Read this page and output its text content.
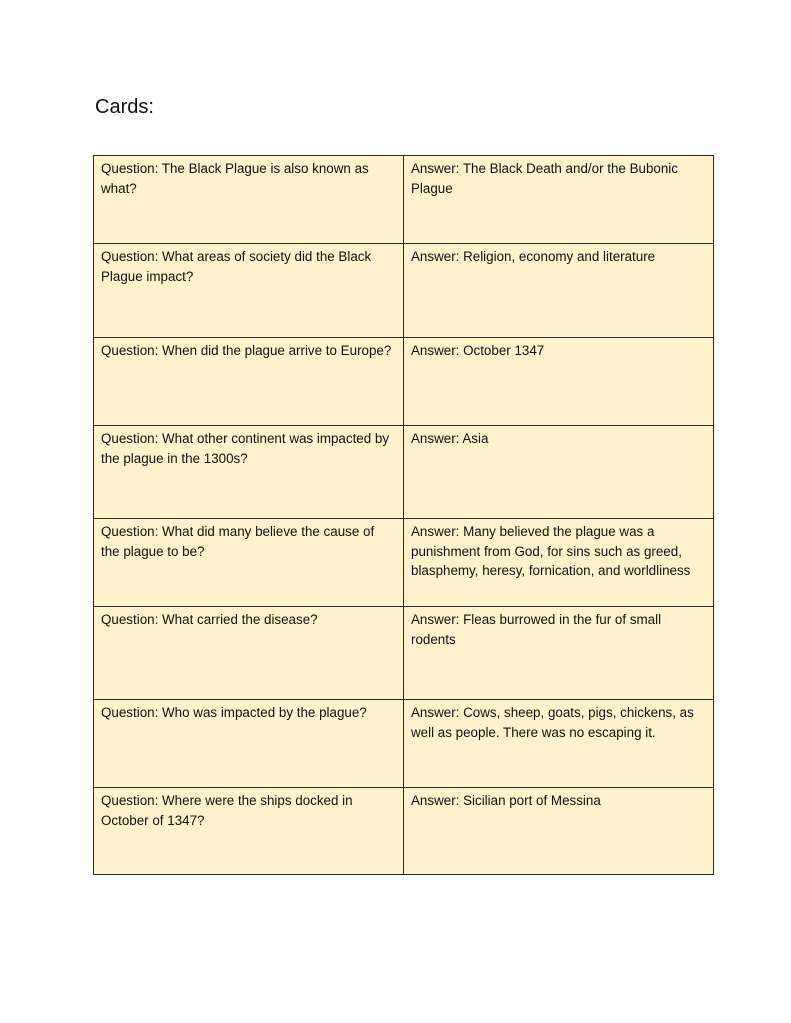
Cards:
Question: The Black Plague is also known as what?	Answer: The Black Death and/or the Bubonic Plague
Question: What areas of society did the Black Plague impact?	Answer: Religion, economy and literature
Question: When did the plague arrive to Europe?	Answer: October 1347
Question: What other continent was impacted by the plague in the 1300s?	Answer: Asia
Question: What did many believe the cause of the plague to be?	Answer: Many believed the plague was a punishment from God, for sins such as greed, blasphemy, heresy, fornication, and worldliness
Question: What carried the disease?	Answer: Fleas burrowed in the fur of small rodents
Question: Who was impacted by the plague?	Answer: Cows, sheep, goats, pigs, chickens, as well as people. There was no escaping it.
Question: Where were the ships docked in October of 1347?	Answer: Sicilian port of Messina
